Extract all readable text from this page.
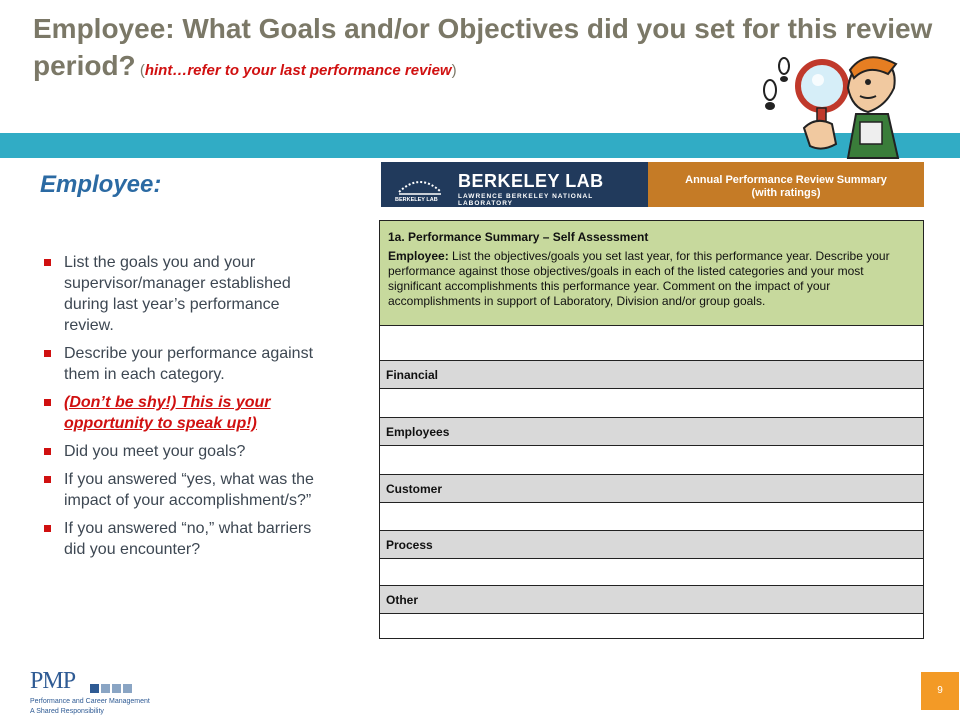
Employee: What Goals and/or Objectives did you set for this review period? (hint…refer to your last performance review)
Employee:
List the goals you and your supervisor/manager established during last year’s performance review.
Describe your performance against them in each category.
(Don’t be shy!) This is your opportunity to speak up!)
Did you meet your goals?
If you answered “yes, what was the impact of your accomplishment/s?”
If you answered “no,” what barriers did you encounter?
BERKELEY LAB
BERKELEY LAB
LAWRENCE BERKELEY NATIONAL LABORATORY
Annual Performance Review Summary
(with ratings)
1a. Performance Summary – Self Assessment
Employee: List the objectives/goals you set last year, for this performance year. Describe your performance against those objectives/goals in each of the listed categories and your most significant accomplishments this performance year. Comment on the impact of your accomplishments in support of Laboratory, Division and/or group goals.
Financial
Employees
Customer
Process
Other
PMP
Performance and Career Management
A Shared Responsibility
9
